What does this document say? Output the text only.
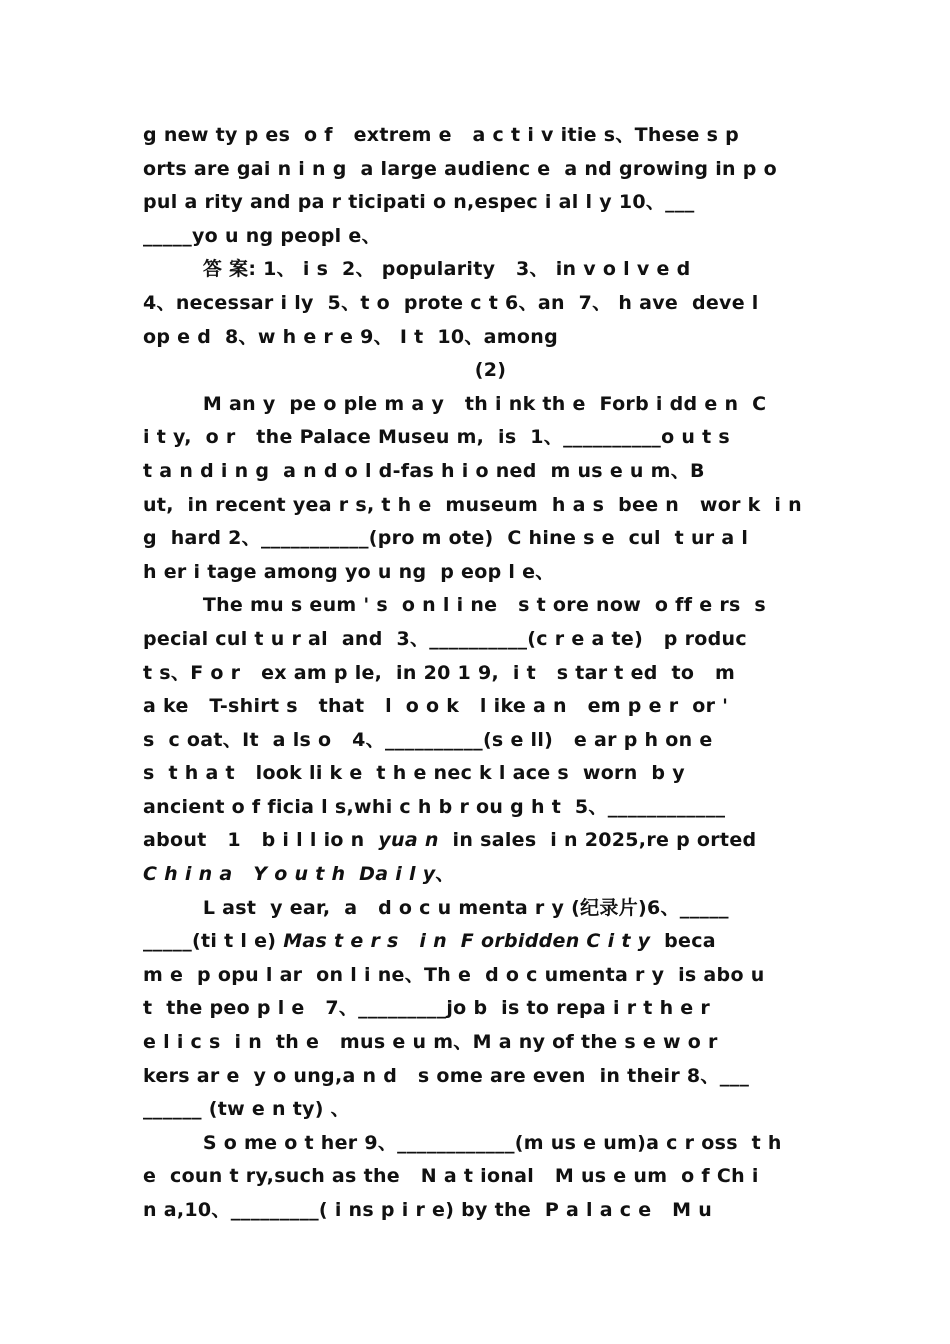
g new ty p es  o f   extrem e   a c t i v itie s、These s p
orts are gai n i n g  a large audienc e  a nd growing in p o
pul a rity and pa r ticipati o n,espec i al l y 10、___
_____yo u ng peopl e、
答 案: 1、 i s  2、 popularity   3、 in v o l v e d
4、necessar i ly  5、t o  prote c t 6、an  7、 h ave  deve l
op e d  8、w h e r e 9、 I t  10、among
(2)
M an y  pe o ple m a y   th i nk th e  Forb i dd e n  C
i t y,  o r   the Palace Museu m,  is  1、__________o u t s
t a n d i n g  a n d o l d-fas h i o ned  m us e u m、B
ut,  in recent yea r s, t h e  museum  h a s  bee n   wor k  i n
g  hard 2、___________(pro m ote)  C hine s e  cul  t ur a l
h er i tage among yo u ng  p eop l e、
The mu s eum ' s  o n l i ne   s t ore now  o ff e rs  s
pecial cul t u r al  and  3、__________(c r e a te)   p roduc
t s、F o r   ex am p le,  in 20 1 9,  i t   s tar t ed  to   m
a ke   T-shirt s   that   l  o o k   l ike a n   em p e r  or '
s  c oat、It  a ls o   4、__________(s e ll)   e ar p h on e
s  t h a t   look li k e  t h e nec k l ace s  worn  b y
ancient o f ficia l s,whi c h b r ou g h t  5、____________
about   1   b i l l io n  yua n  in sales  i n 2025,re p orted
C h i n a   Y o u t h  Da i l y、
L ast  y ear,  a   d o c u menta r y (纪录片)6、_____
_____(ti t l e) Mas t e r s   i n  F orbidden C i t y  beca
m e  p opu l ar  on l i ne、Th e  d o c umenta r y  is abo u
t  the peo p l e   7、_________jo b  is to repa i r t h e r
e l i c s  i n  th e   mus e u m、M a ny of the s e w o r
kers ar e  y o ung,a n d   s ome are even  in their 8、___
______ (tw e n ty) 、
S o me o t her 9、____________(m us e um)a c r oss  t h
e  coun t ry,such as the   N a t ional   M us e um  o f Ch i
n a,10、_________( i ns p i r e) by the  P a l a c e   M u
